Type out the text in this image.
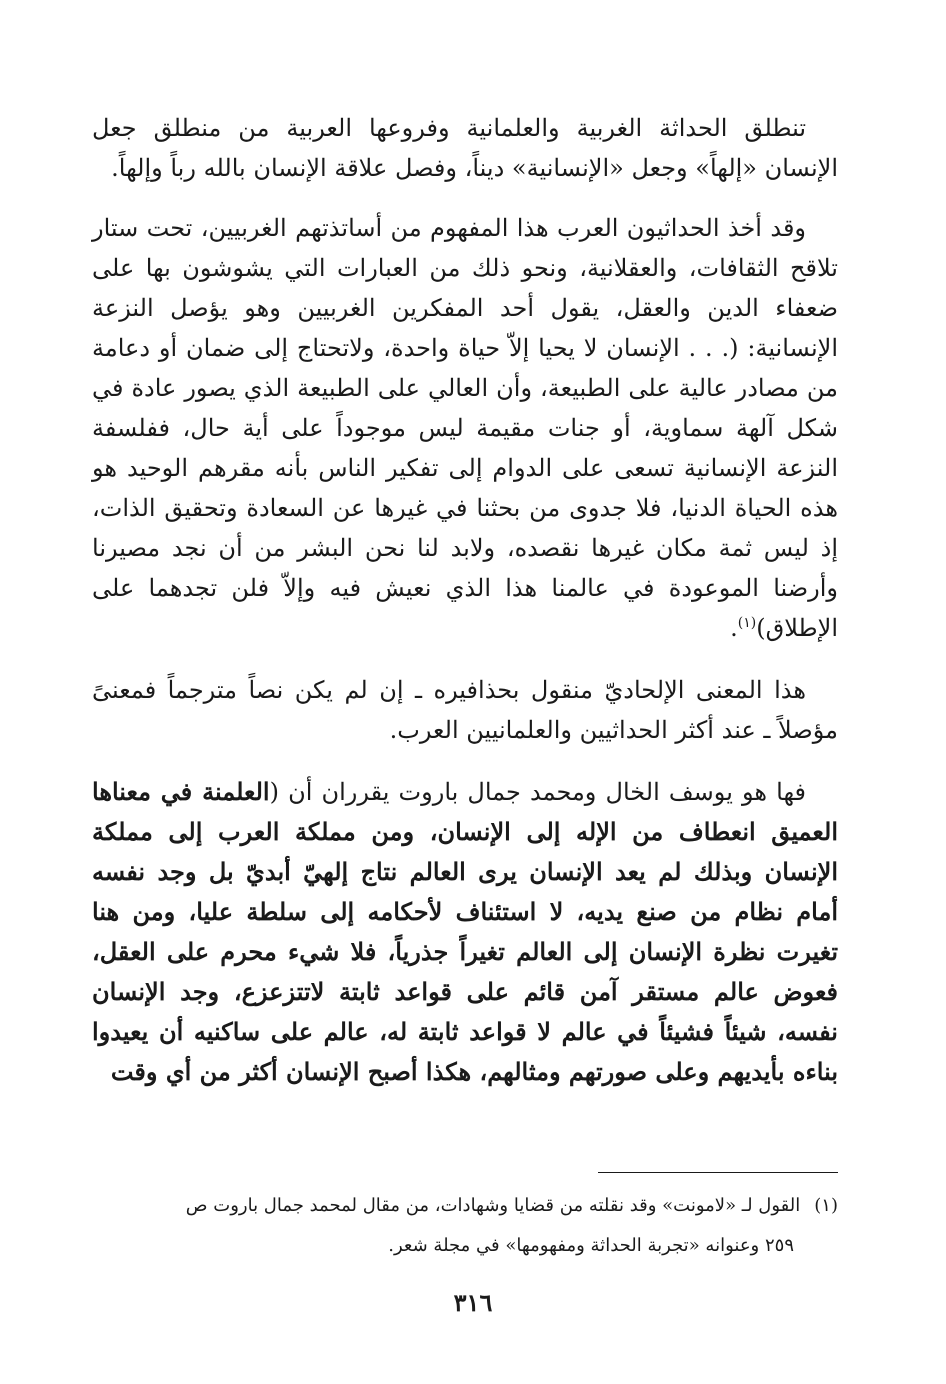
تنطلق الحداثة الغربية والعلمانية وفروعها العربية من منطلق جعل الإنسان «إلهاً» وجعل «الإنسانية» ديناً، وفصل علاقة الإنسان بالله رباً وإلهاً.

وقد أخذ الحداثيون العرب هذا المفهوم من أساتذتهم الغربيين، تحت ستار تلاقح الثقافات، والعقلانية، ونحو ذلك من العبارات التي يشوشون بها على ضعفاء الدين والعقل، يقول أحد المفكرين الغربيين وهو يؤصل النزعة الإنسانية: (. . . الإنسان لا يحيا إلاّ حياة واحدة، ولاتحتاج إلى ضمان أو دعامة من مصادر عالية على الطبيعة، وأن العالي على الطبيعة الذي يصور عادة في شكل آلهة سماوية، أو جنات مقيمة ليس موجوداً على أية حال، ففلسفة النزعة الإنسانية تسعى على الدوام إلى تفكير الناس بأنه مقرهم الوحيد هو هذه الحياة الدنيا، فلا جدوى من بحثنا في غيرها عن السعادة وتحقيق الذات، إذ ليس ثمة مكان غيرها نقصده، ولابد لنا نحن البشر من أن نجد مصيرنا وأرضنا الموعودة في عالمنا هذا الذي نعيش فيه وإلاّ فلن تجدهما على الإطلاق)$^{(١)}$.

هذا المعنى الإلحاديّ منقول بحذافيره ـ إن لم يكن نصاً مترجماً فمعنىً مؤصلاً ـ عند أكثر الحداثيين والعلمانيين العرب.

فها هو يوسف الخال ومحمد جمال باروت يقرران أن (العلمنة في معناها العميق انعطاف من الإله إلى الإنسان، ومن مملكة العرب إلى مملكة الإنسان وبذلك لم يعد الإنسان يرى العالم نتاج إلهيّ أبديّ بل وجد نفسه أمام نظام من صنع يديه، لا استئناف لأحكامه إلى سلطة عليا، ومن هنا تغيرت نظرة الإنسان إلى العالم تغيراً جذرياً، فلا شيء محرم على العقل، فعوض عالم مستقر آمن قائم على قواعد ثابتة لاتتزعزع، وجد الإنسان نفسه، شيئاً فشيئاً في عالم لا قواعد ثابتة له، عالم على ساكنيه أن يعيدوا بناءه بأيديهم وعلى صورتهم ومثالهم، هكذا أصبح الإنسان أكثر من أي وقت

(١)القول لـ «لامونت» وقد نقلته من قضايا وشهادات، من مقال لمحمد جمال باروت ص

٢٥٩ وعنوانه «تجربة الحداثة ومفهومها» في مجلة شعر.

٣١٦
